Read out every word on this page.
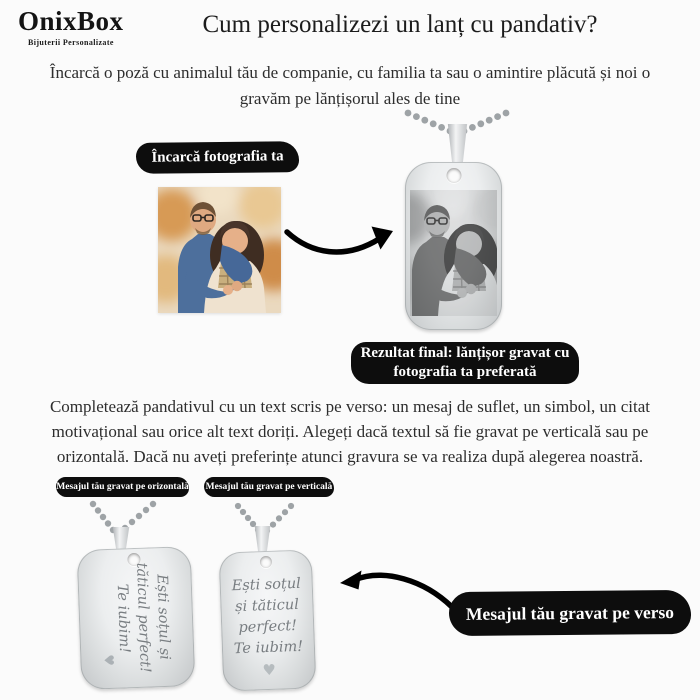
OnixBox
Bijuterii Personalizate
Cum personalizezi un lanț cu pandativ?
Încarcă o poză cu animalul tău de companie, cu familia ta sau o amintire plăcută și noi o
gravăm pe lănțișorul ales de tine
Încarcă fotografia ta
Rezultat final: lănțișor gravat cu
fotografia ta preferată
Completează pandativul cu un text scris pe verso: un mesaj de suflet, un simbol, un citat
motivațional sau orice alt text doriți. Alegeți dacă textul să fie gravat pe verticală sau pe
orizontală. Dacă nu aveți preferințe atunci gravura se va realiza după alegerea noastră.
Mesajul tău gravat pe orizontală Mesajul tău gravat pe verticală
Ești soțul și
tăticul perfect!
Te iubim!
♥
Ești soțul
și tăticul
perfect!
Te iubim!
♥
Mesajul tău gravat pe verso
